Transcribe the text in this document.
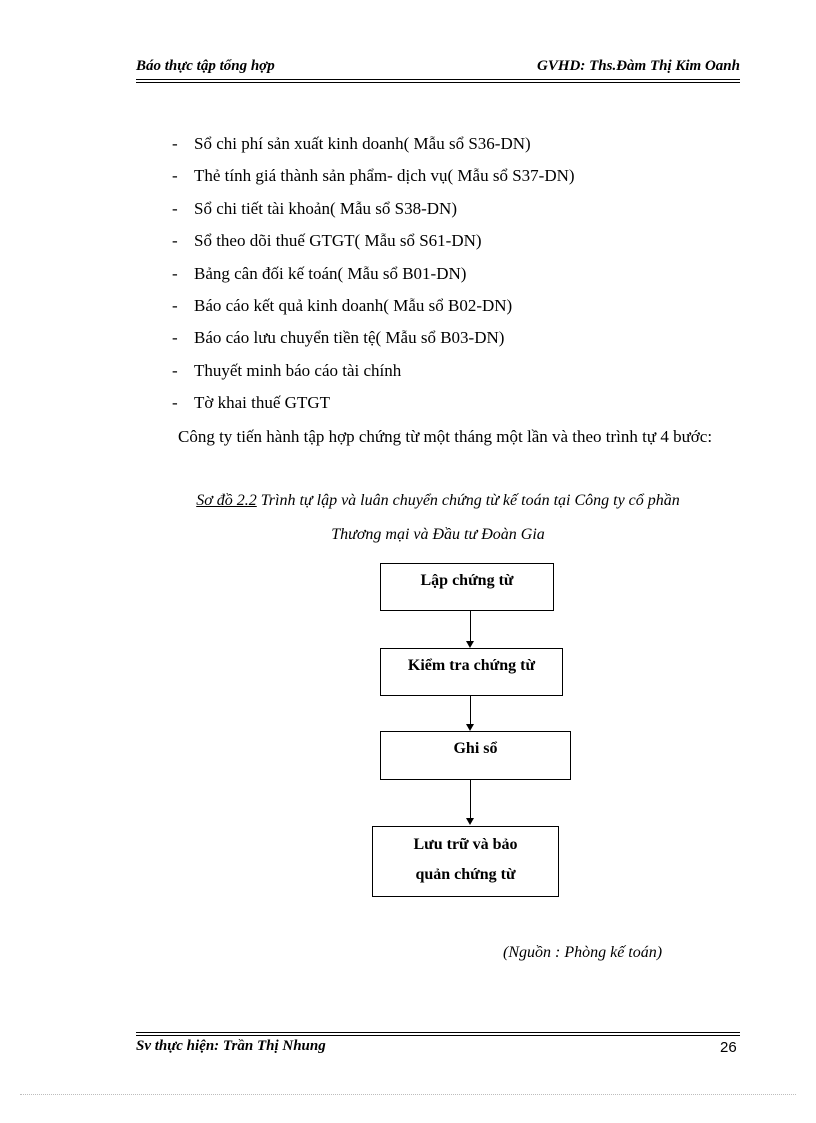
Báo thực tập tổng hợp	GVHD: Ths.Đàm Thị Kim Oanh
- Sổ chi phí sản xuất kinh doanh( Mẫu sổ S36-DN)
- Thẻ tính giá thành sản phẩm- dịch vụ( Mẫu sổ S37-DN)
- Sổ chi tiết tài khoản( Mẫu sổ S38-DN)
- Sổ theo dõi thuế GTGT( Mẫu sổ S61-DN)
- Bảng cân đối kế toán( Mẫu sổ B01-DN)
- Báo cáo kết quả kinh doanh( Mẫu sổ B02-DN)
- Báo cáo lưu chuyển tiền tệ( Mẫu sổ B03-DN)
- Thuyết minh báo cáo tài chính
- Tờ khai thuế GTGT
Công ty tiến hành tập hợp chứng từ một tháng một lần và theo trình tự 4 bước:
Sơ đồ 2.2 Trình tự lập và luân chuyển chứng từ kế toán tại Công ty cổ phần
Thương mại và Đầu tư Đoàn Gia
Lập chứng từ
Kiểm tra chứng từ
Ghi sổ
Lưu trữ và bảo
quản chứng từ
(Nguồn : Phòng kế toán)
Sv thực hiện: Trần Thị Nhung	26
